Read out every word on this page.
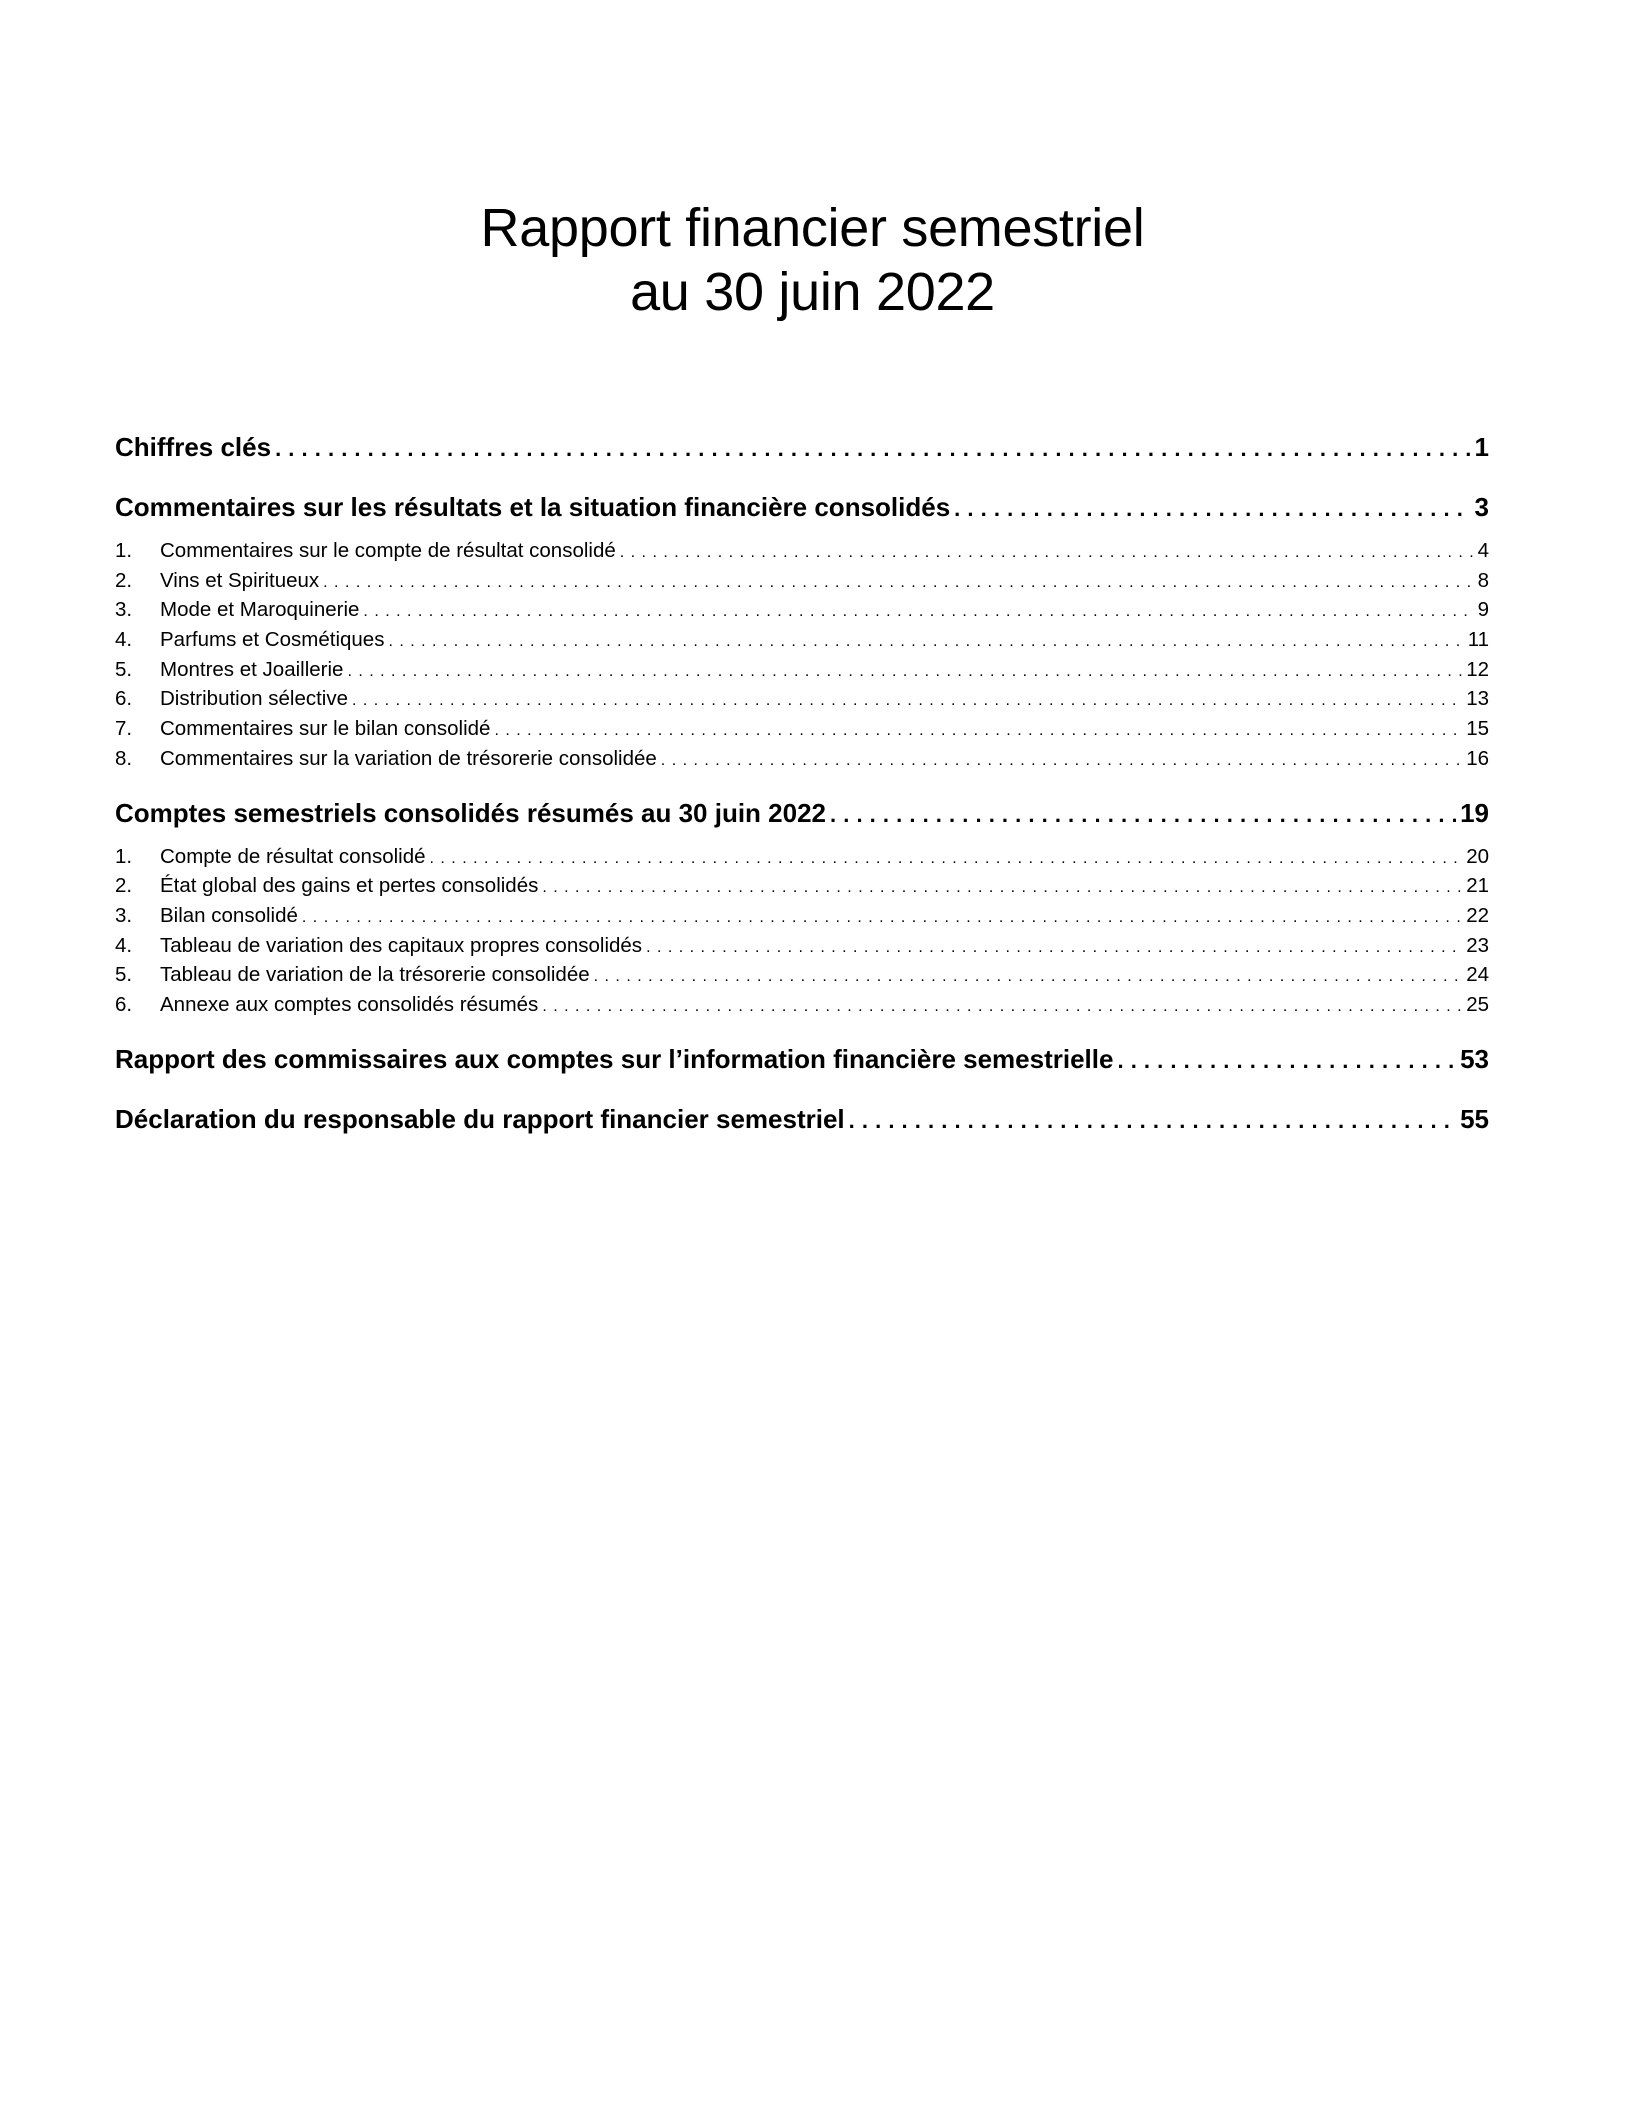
Rapport financier semestriel
au 30 juin 2022
Chiffres clés . . .	1
Commentaires sur les résultats et la situation financière consolidés . . .	3
1.	Commentaires sur le compte de résultat consolidé . . .	4
2.	Vins et Spiritueux . . .	8
3.	Mode et Maroquinerie . . .	9
4.	Parfums et Cosmétiques . . .	11
5.	Montres et Joaillerie . . .	12
6.	Distribution sélective . . .	13
7.	Commentaires sur le bilan consolidé . . .	15
8.	Commentaires sur la variation de trésorerie consolidée . . .	16
Comptes semestriels consolidés résumés au 30 juin 2022 . . .	19
1.	Compte de résultat consolidé . . .	20
2.	État global des gains et pertes consolidés . . .	21
3.	Bilan consolidé . . .	22
4.	Tableau de variation des capitaux propres consolidés . . .	23
5.	Tableau de variation de la trésorerie consolidée . . .	24
6.	Annexe aux comptes consolidés résumés . . .	25
Rapport des commissaires aux comptes sur l’information financière semestrielle . . .	53
Déclaration du responsable du rapport financier semestriel . . .	55
